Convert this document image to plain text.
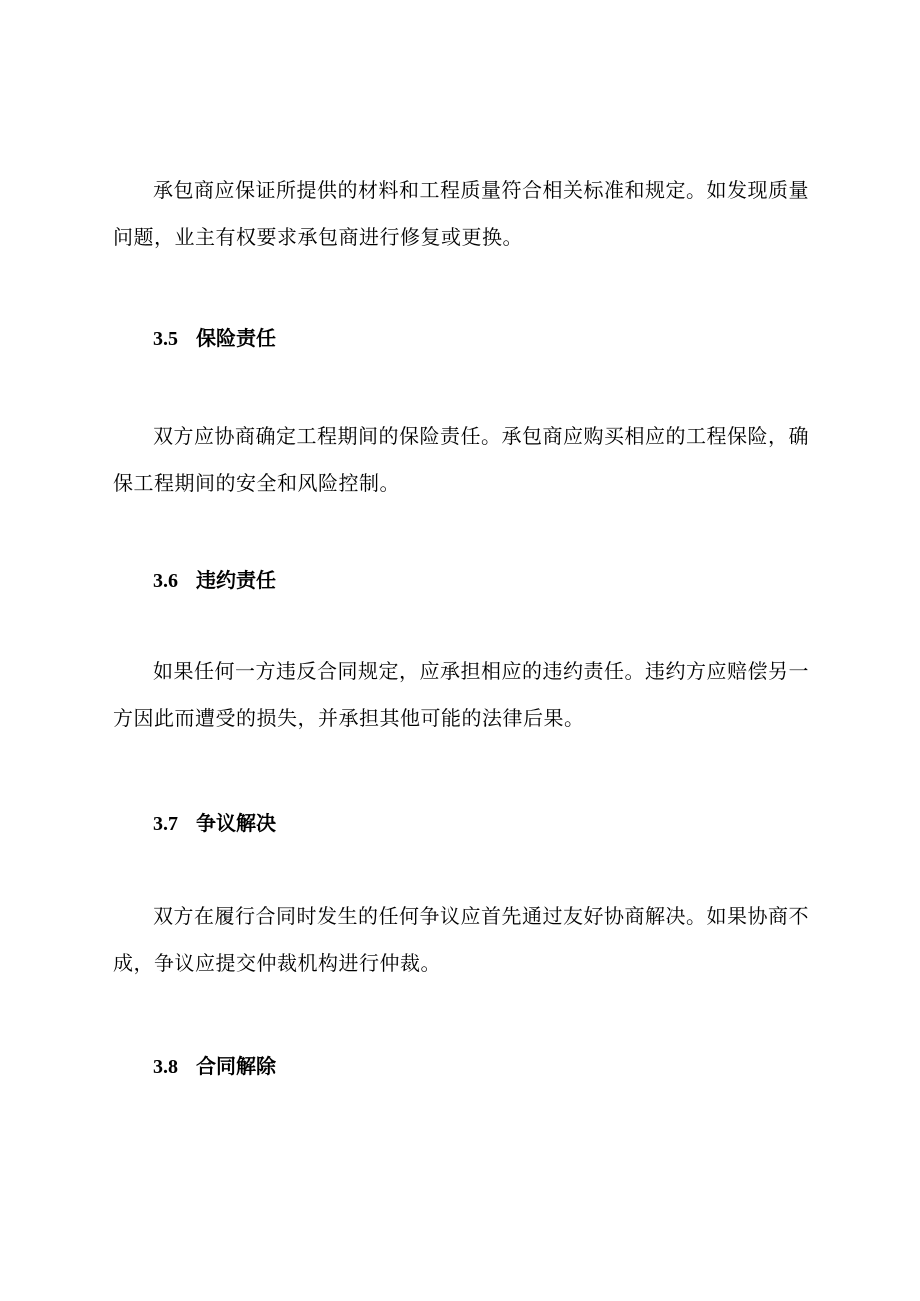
承包商应保证所提供的材料和工程质量符合相关标准和规定。如发现质量问题，业主有权要求承包商进行修复或更换。

3.5 保险责任

双方应协商确定工程期间的保险责任。承包商应购买相应的工程保险，确保工程期间的安全和风险控制。

3.6 违约责任

如果任何一方违反合同规定，应承担相应的违约责任。违约方应赔偿另一方因此而遭受的损失，并承担其他可能的法律后果。

3.7 争议解决

双方在履行合同时发生的任何争议应首先通过友好协商解决。如果协商不成，争议应提交仲裁机构进行仲裁。

3.8 合同解除
